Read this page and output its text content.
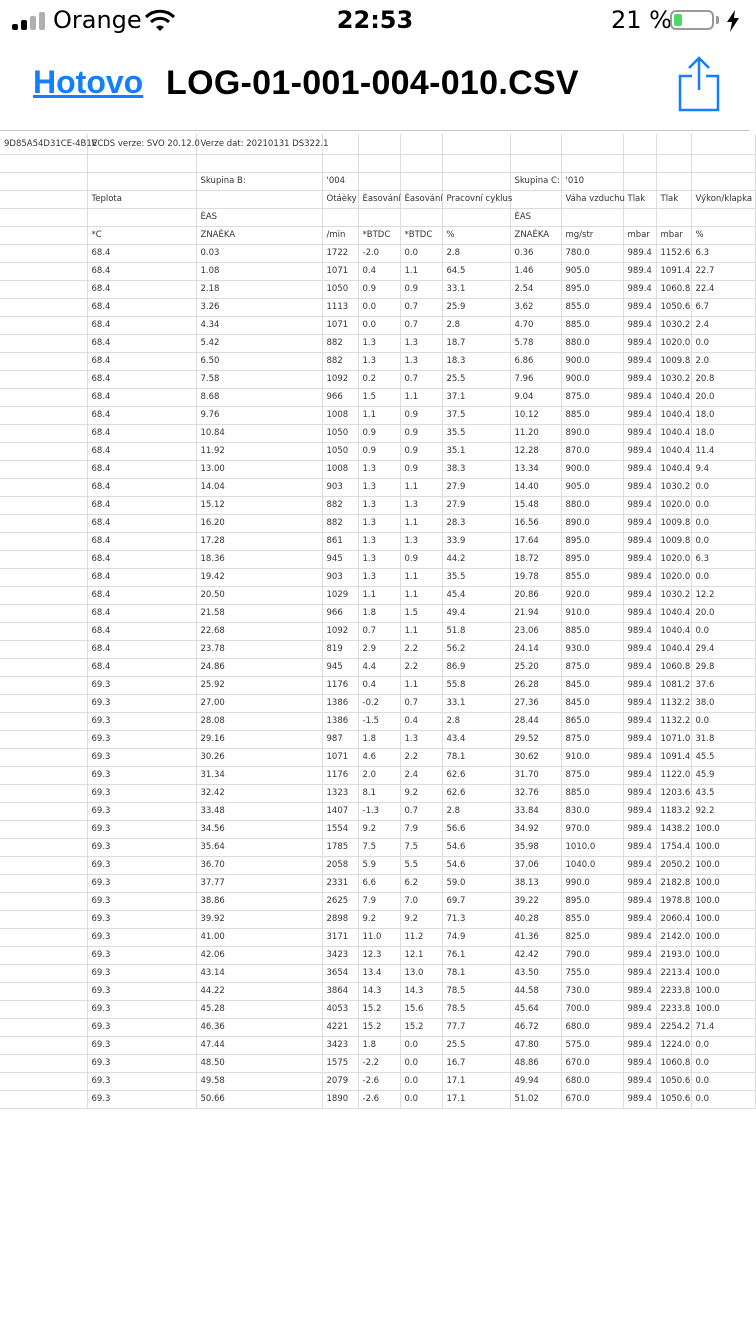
Orange	22:53	21 %
Hotovo LOG-01-001-004-010.CSV
9D85A54D31CE-4B1E	VCDS verze: SVO 20.12.0	Verze dat: 20210131 DS322.1									

		Skupina B:	'004				Skupina C:	'010			
	Teplota		Otáèky	Èasování	Èasování	Pracovní cyklus		Váha vzduchu	Tlak	Tlak	Výkon/klapka
		ÈAS					ÈAS				
	*C	ZNAÈKA	/min	*BTDC	*BTDC	%	ZNAÈKA	mg/str	mbar	mbar	%
	68.4	0.03	1722	-2.0	0.0	2.8	0.36	780.0	989.4	1152.6	6.3
	68.4	1.08	1071	0.4	1.1	64.5	1.46	905.0	989.4	1091.4	22.7
	68.4	2.18	1050	0.9	0.9	33.1	2.54	895.0	989.4	1060.8	22.4
	68.4	3.26	1113	0.0	0.7	25.9	3.62	855.0	989.4	1050.6	6.7
	68.4	4.34	1071	0.0	0.7	2.8	4.70	885.0	989.4	1030.2	2.4
	68.4	5.42	882	1.3	1.3	18.7	5.78	880.0	989.4	1020.0	0.0
	68.4	6.50	882	1.3	1.3	18.3	6.86	900.0	989.4	1009.8	2.0
	68.4	7.58	1092	0.2	0.7	25.5	7.96	900.0	989.4	1030.2	20.8
	68.4	8.68	966	1.5	1.1	37.1	9.04	875.0	989.4	1040.4	20.0
	68.4	9.76	1008	1.1	0.9	37.5	10.12	885.0	989.4	1040.4	18.0
	68.4	10.84	1050	0.9	0.9	35.5	11.20	890.0	989.4	1040.4	18.0
	68.4	11.92	1050	0.9	0.9	35.1	12.28	870.0	989.4	1040.4	11.4
	68.4	13.00	1008	1.3	0.9	38.3	13.34	900.0	989.4	1040.4	9.4
	68.4	14.04	903	1.3	1.1	27.9	14.40	905.0	989.4	1030.2	0.0
	68.4	15.12	882	1.3	1.3	27.9	15.48	880.0	989.4	1020.0	0.0
	68.4	16.20	882	1.3	1.1	28.3	16.56	890.0	989.4	1009.8	0.0
	68.4	17.28	861	1.3	1.3	33.9	17.64	895.0	989.4	1009.8	0.0
	68.4	18.36	945	1.3	0.9	44.2	18.72	895.0	989.4	1020.0	6.3
	68.4	19.42	903	1.3	1.1	35.5	19.78	855.0	989.4	1020.0	0.0
	68.4	20.50	1029	1.1	1.1	45.4	20.86	920.0	989.4	1030.2	12.2
	68.4	21.58	966	1.8	1.5	49.4	21.94	910.0	989.4	1040.4	20.0
	68.4	22.68	1092	0.7	1.1	51.8	23.06	885.0	989.4	1040.4	0.0
	68.4	23.78	819	2.9	2.2	56.2	24.14	930.0	989.4	1040.4	29.4
	68.4	24.86	945	4.4	2.2	86.9	25.20	875.0	989.4	1060.8	29.8
	69.3	25.92	1176	0.4	1.1	55.8	26.28	845.0	989.4	1081.2	37.6
	69.3	27.00	1386	-0.2	0.7	33.1	27.36	845.0	989.4	1132.2	38.0
	69.3	28.08	1386	-1.5	0.4	2.8	28.44	865.0	989.4	1132.2	0.0
	69.3	29.16	987	1.8	1.3	43.4	29.52	875.0	989.4	1071.0	31.8
	69.3	30.26	1071	4.6	2.2	78.1	30.62	910.0	989.4	1091.4	45.5
	69.3	31.34	1176	2.0	2.4	62.6	31.70	875.0	989.4	1122.0	45.9
	69.3	32.42	1323	8.1	9.2	62.6	32.76	885.0	989.4	1203.6	43.5
	69.3	33.48	1407	-1.3	0.7	2.8	33.84	830.0	989.4	1183.2	92.2
	69.3	34.56	1554	9.2	7.9	56.6	34.92	970.0	989.4	1438.2	100.0
	69.3	35.64	1785	7.5	7.5	54.6	35.98	1010.0	989.4	1754.4	100.0
	69.3	36.70	2058	5.9	5.5	54.6	37.06	1040.0	989.4	2050.2	100.0
	69.3	37.77	2331	6.6	6.2	59.0	38.13	990.0	989.4	2182.8	100.0
	69.3	38.86	2625	7.9	7.0	69.7	39.22	895.0	989.4	1978.8	100.0
	69.3	39.92	2898	9.2	9.2	71.3	40.28	855.0	989.4	2060.4	100.0
	69.3	41.00	3171	11.0	11.2	74.9	41.36	825.0	989.4	2142.0	100.0
	69.3	42.06	3423	12.3	12.1	76.1	42.42	790.0	989.4	2193.0	100.0
	69.3	43.14	3654	13.4	13.0	78.1	43.50	755.0	989.4	2213.4	100.0
	69.3	44.22	3864	14.3	14.3	78.5	44.58	730.0	989.4	2233.8	100.0
	69.3	45.28	4053	15.2	15.6	78.5	45.64	700.0	989.4	2233.8	100.0
	69.3	46.36	4221	15.2	15.2	77.7	46.72	680.0	989.4	2254.2	71.4
	69.3	47.44	3423	1.8	0.0	25.5	47.80	575.0	989.4	1224.0	0.0
	69.3	48.50	1575	-2.2	0.0	16.7	48.86	670.0	989.4	1060.8	0.0
	69.3	49.58	2079	-2.6	0.0	17.1	49.94	680.0	989.4	1050.6	0.0
	69.3	50.66	1890	-2.6	0.0	17.1	51.02	670.0	989.4	1050.6	0.0
